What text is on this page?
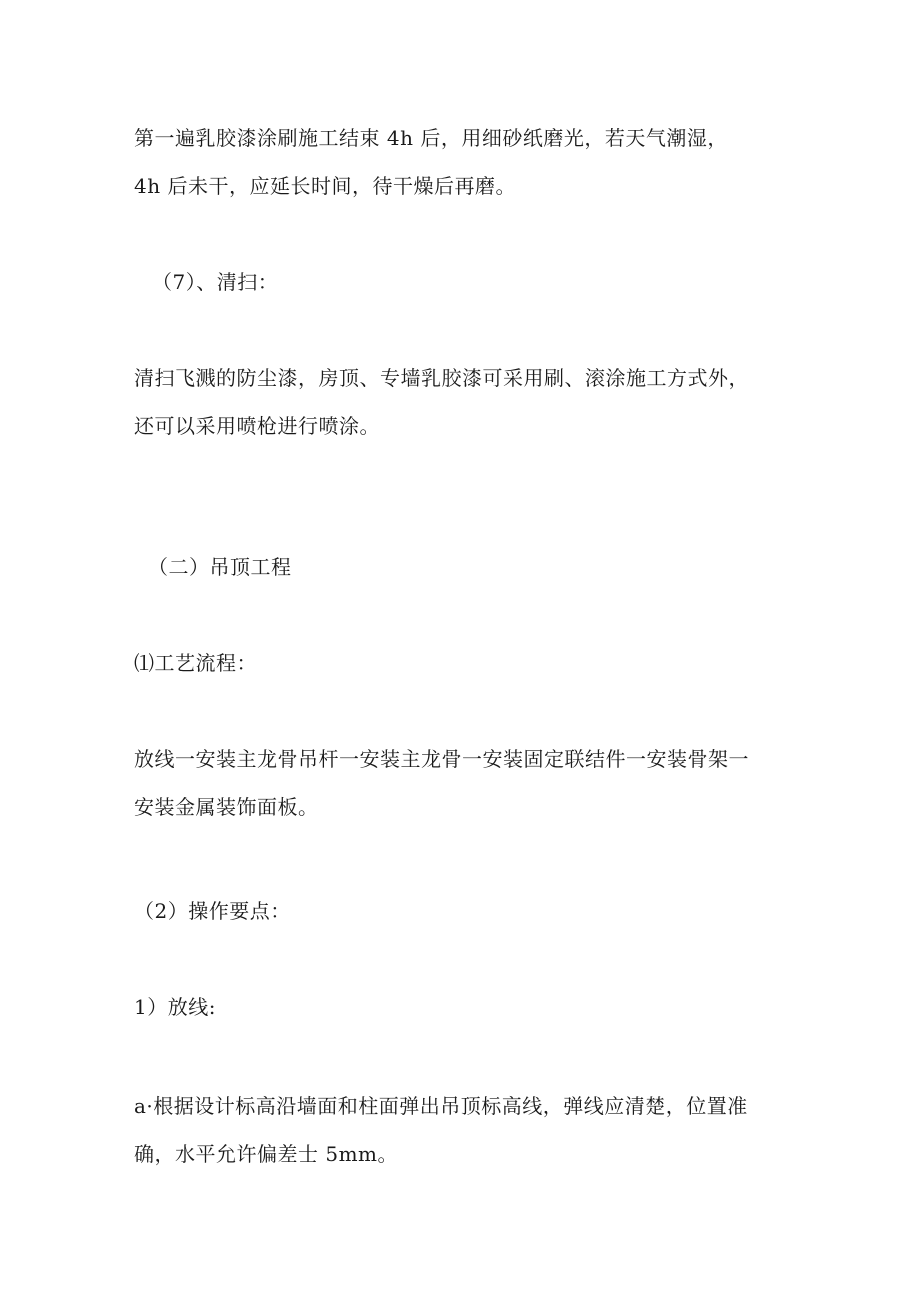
第一遍乳胶漆涂刷施工结束 4h 后，用细砂纸磨光，若天气潮湿，
4h 后未干，应延长时间，待干燥后再磨。
（7）、清扫：
清扫飞溅的防尘漆，房顶、专墙乳胶漆可采用刷、滚涂施工方式外，
还可以采用喷枪进行喷涂。
（二）吊顶工程
⑴工艺流程：
放线一安装主龙骨吊杆一安装主龙骨一安装固定联结件一安装骨架一
安装金属装饰面板。
（2）操作要点：
1）放线:
a·根据设计标高沿墙面和柱面弹出吊顶标高线，弹线应清楚，位置准
确，水平允许偏差士 5mm。
